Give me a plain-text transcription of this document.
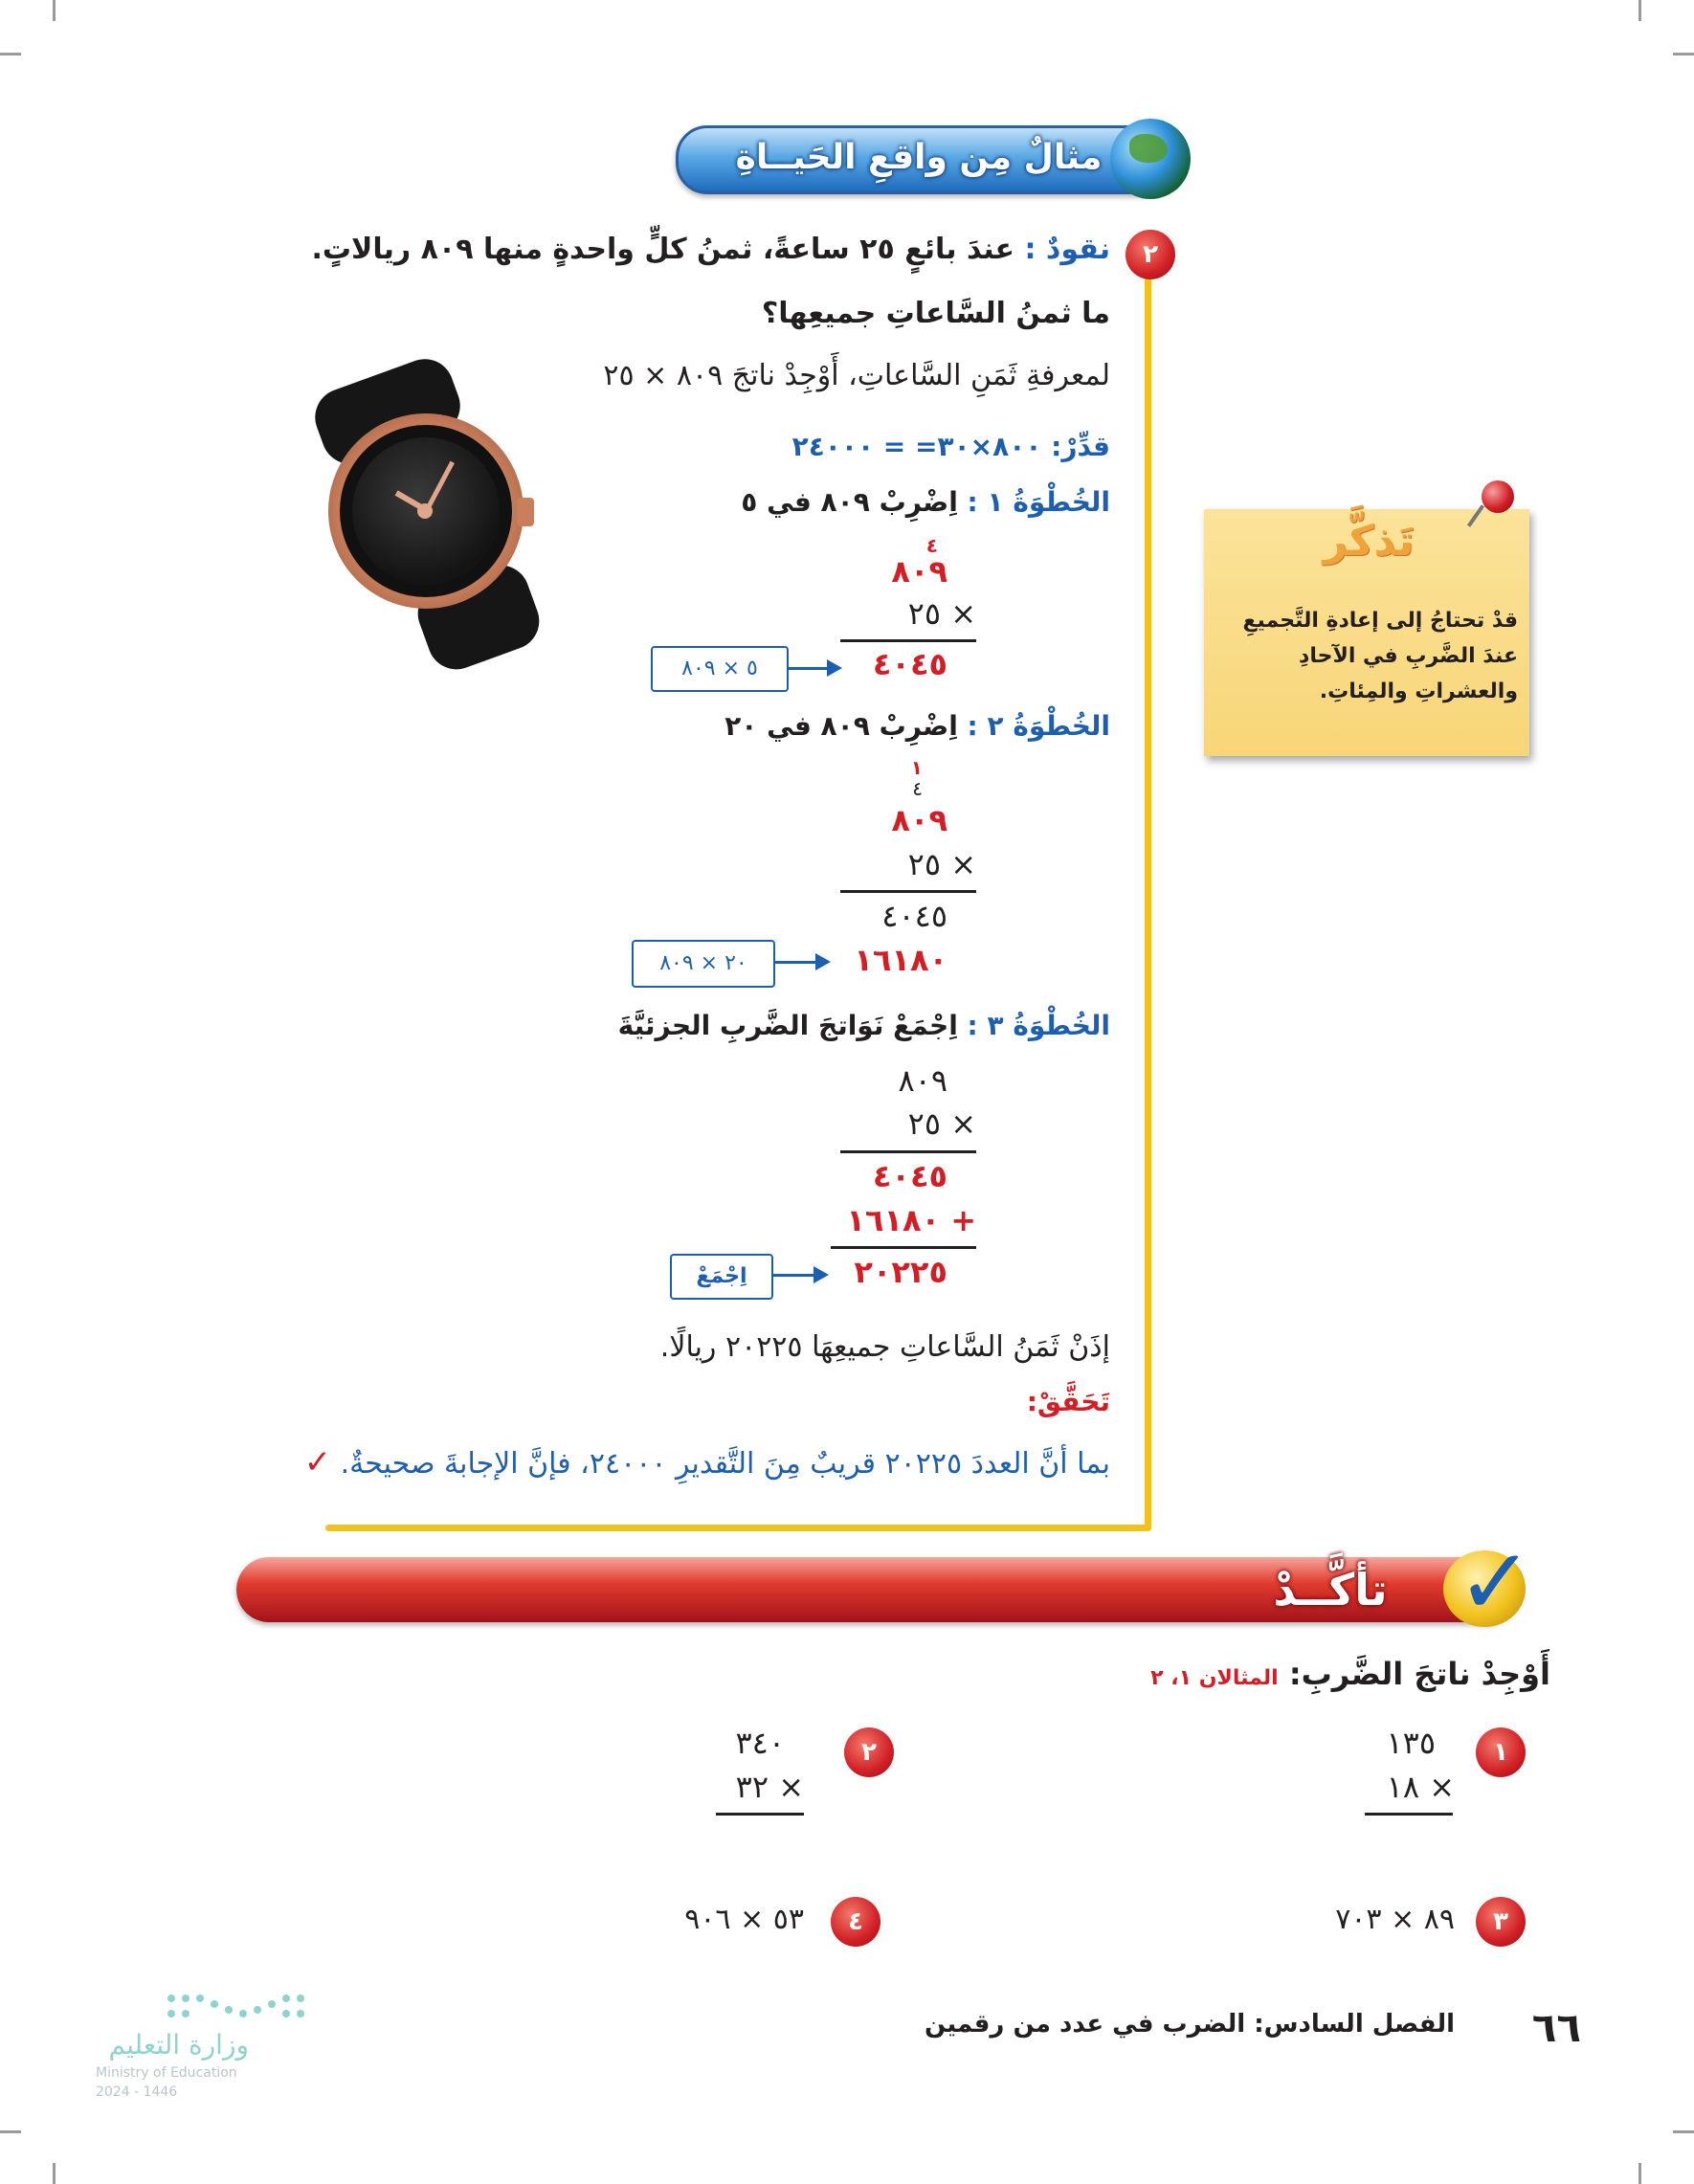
مثالٌ مِن واقعِ الحَيــاةِ
٢
نقودٌ : عندَ بائعٍ ٢٥ ساعةً، ثمنُ كلٍّ واحدةٍ منها ٨٠٩ ريالاتٍ.
ما ثمنُ السَّاعاتِ جميعِها؟
لمعرفةِ ثَمَنِ السَّاعاتِ، أَوْجِدْ ناتجَ ٨٠٩ × ٢٥
قدِّرْ: ٨٠٠×٣٠= = ٢٤٠٠٠
الخُطْوَةُ ١ : اِضْرِبْ ٨٠٩ في ٥
٤
٨٠٩
٢٥ ×
٤٠٤٥
٥ × ٨٠٩
الخُطْوَةُ ٢ : اِضْرِبْ ٨٠٩ في ٢٠
١
٤
٨٠٩
٢٥ ×
٤٠٤٥
١٦١٨٠
٢٠ × ٨٠٩
الخُطْوَةُ ٣ : اِجْمَعْ نَوَاتجَ الضَّربِ الجزئيَّةَ
٨٠٩
٢٥ ×
٤٠٤٥
١٦١٨٠ +
٢٠٢٢٥
اِجْمَعْ
إذَنْ ثَمَنُ السَّاعاتِ جميعِهَا ٢٠٢٢٥ ريالًا.
تَحَقَّقْ:
بما أنَّ العددَ ٢٠٢٢٥ قريبٌ مِنَ التَّقديرِ ٢٤٠٠٠، فإنَّ الإجابةَ صحيحةٌ. ✓
تَذكَّر
قدْ تحتاجُ إلى إعادةِ التَّجميعِ عندَ الضَّربِ في الآحادِ والعشراتِ والمِئاتِ.
تأكَّــدْ ✓
أَوْجِدْ ناتجَ الضَّربِ: المثالان ١، ٢
١
١٣٥
١٨ ×
٢
٣٤٠
٣٢ ×
٣
٨٩ × ٧٠٣
٤
٥٣ × ٩٠٦
٦٦
الفصل السادس: الضرب في عدد من رقمين
وزارة التعليم
Ministry of Education
2024 - 1446
